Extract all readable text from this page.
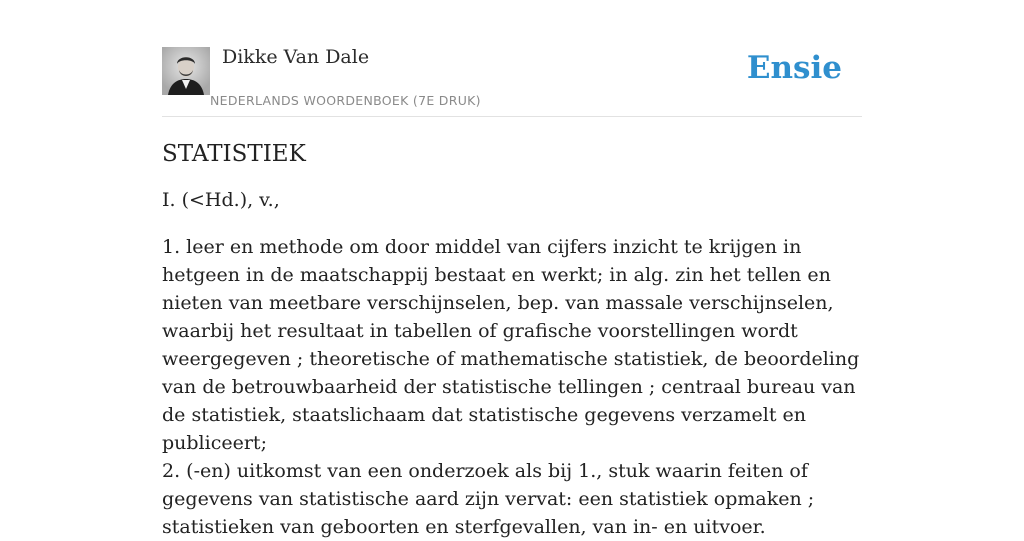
Dikke Van Dale
NEDERLANDS WOORDENBOEK (7E DRUK)
Ensie
STATISTIEK

I. (<Hd.), v.,

1. leer en methode om door middel van cijfers inzicht te krijgen in hetgeen in de maatschappij bestaat en werkt; in alg. zin het tellen en nieten van meetbare verschijnselen, bep. van massale verschijnselen, waarbij het resultaat in tabellen of grafische voorstellingen wordt weergegeven ; theoretische of mathematische statistiek, de beoordeling van de betrouwbaarheid der statistische tellingen ; centraal bureau van de statistiek, staatslichaam dat statistische gegevens verzamelt en publiceert;

2. (-en) uitkomst van een onderzoek als bij 1., stuk waarin feiten of gegevens van statistische aard zijn vervat: een statistiek opmaken ; statistieken van geboorten en sterfgevallen, van in- en uitvoer.
